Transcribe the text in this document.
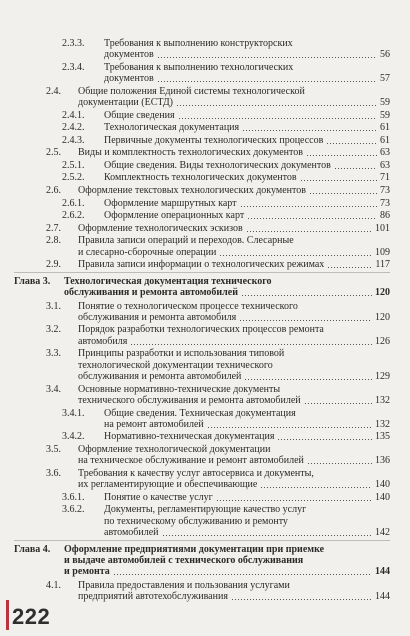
2.3.3. Требования к выполнению конструкторских
документов	56
2.3.4. Требования к выполнению технологических
документов	57
2.4. Общие положения Единой системы технологической
документации (ЕСТД)	59
2.4.1. Общие сведения	59
2.4.2. Технологическая документация	61
2.4.3. Первичные документы технологических процессов	61
2.5. Виды и комплектность технологических документов	63
2.5.1. Общие сведения. Виды технологических документов	63
2.5.2. Комплектность технологических документов	71
2.6. Оформление текстовых технологических документов	73
2.6.1. Оформление маршрутных карт	73
2.6.2. Оформление операционных карт	86
2.7. Оформление технологических эскизов	101
2.8. Правила записи операций и переходов. Слесарные
и слесарно-сборочные операции	109
2.9. Правила записи информации о технологических режимах	117
Глава 3. Технологическая документация технического
обслуживания и ремонта автомобилей	120
3.1. Понятие о технологическом процессе технического
обслуживания и ремонта автомобиля	120
3.2. Порядок разработки технологических процессов ремонта
автомобиля	126
3.3. Принципы разработки и использования типовой
технологической документации технического
обслуживания и ремонта автомобилей	129
3.4. Основные нормативно-технические документы
технического обслуживания и ремонта автомобилей	132
3.4.1. Общие сведения. Техническая документация
на ремонт автомобилей	132
3.4.2. Нормативно-техническая документация	135
3.5. Оформление технологической документации
на техническое обслуживание и ремонт автомобилей	136
3.6. Требования к качеству услуг автосервиса и документы,
их регламентирующие и обеспечивающие	140
3.6.1. Понятие о качестве услуг	140
3.6.2. Документы, регламентирующие качество услуг
по техническому обслуживанию и ремонту
автомобилей	142
Глава 4. Оформление предприятиями документации при приемке
и выдаче автомобилей с технического обслуживания
и ремонта	144
4.1. Правила предоставления и пользования услугами
предприятий автотехобслуживания	144
222
